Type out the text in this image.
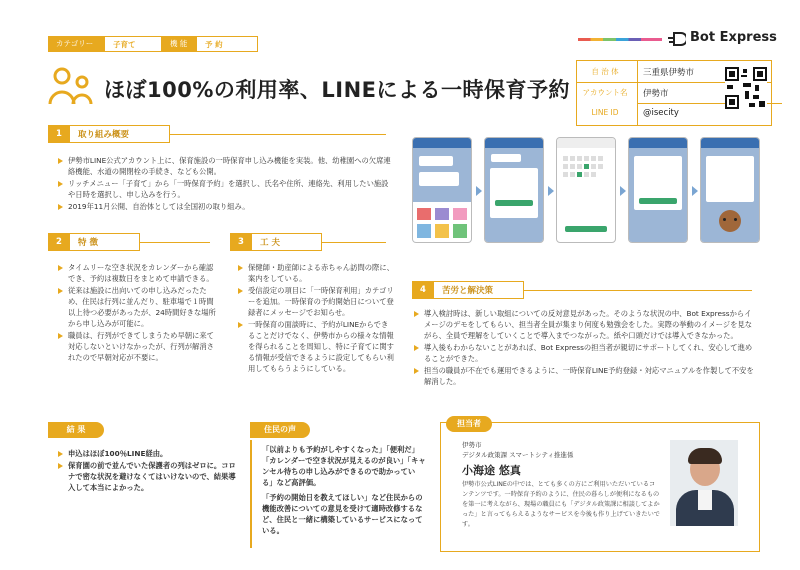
カテゴリー	子育て	機 能	予 約	Bot Express
ほぼ100%の利用率、LINEによる一時保育予約
自 治 体	三重県伊勢市
アカウント名	伊勢市
LINE ID	@isecity
1	取り組み概要
伊勢市LINE公式アカウント上に、保育施設の一時保育申し込み機能を実装。他、幼稚園への欠席連絡機能、水道の開閉栓の手続き、なども公開。
リッチメニュー「子育て」から「一時保育予約」を選択し、氏名や住所、連絡先、利用したい施設や日時を選択し、申し込みを行う。
2019年11月公開、自治体としては全国初の取り組み。
2	特 徴
タイムリーな空き状況をカレンダーから確認でき、予約は複数日をまとめて申請できる。
従来は施設に出向いての申し込みだったため、住民は行列に並んだり、駐車場で１時間以上待つ必要があったが、24時間好きな場所から申し込みが可能に。
職員は、行列ができてしまうため早朝に来て対応しないといけなかったが、行列が解消されたので早朝対応が不要に。
3	工 夫
保健師・助産師による赤ちゃん訪問の際に、案内をしている。
受信設定の項目に「一時保育利用」カテゴリーを追加。一時保育の予約開始日について登録者にメッセージでお知らせ。
一時保育の面談時に、予約がLINEからできることだけでなく、伊勢市からの様々な情報を得られることを周知し、特に子育てに関する情報が受信できるように設定してもらい利用してもらうようにしている。
4	苦労と解決策
導入検討時は、新しい取組についての反対意見があった。そのような状況の中、Bot Expressからイメージのデモをしてもらい、担当者全員が集まり何度も勉強会をした。実際の挙動のイメージを見ながら、全員で理解をしていくことで導入までつながった。紙や口頭だけでは導入できなかった。
導入後もわからないことがあれば、Bot Expressの担当者が親切にサポートしてくれ、安心して進めることができた。
担当の職員が不在でも運用できるように、一時保育LINE予約登録・対応マニュアルを作製して不安を解消した。
結 果
申込はほぼ100％LINE経由。
保育園の前で並んでいた保護者の列はゼロに。コロナで密な状況を避けなくてはいけないので、結果導入して本当によかった。
住民の声
「以前よりも予約がしやすくなった」「便利だ」「カレンダーで空き状況が見えるのが良い」「キャンセル待ちの申し込みができるので助かっている」など高評価。
「予約の開始日を教えてほしい」など住民からの機能改善についての意見を受けて適時改修するなど、住民と一緒に構築しているサービスになっている。
担当者
伊勢市
デジタル政策課 スマートシティ推進係
小海途 悠真
伊勢市公式LINEの中では、とても多くの方にご利用いただいているコンテンツです。一時保育予約のように、住民の暮らしが便利になるものを第一に考えながら、現場の職員にも「デジタル政策課に相談してよかった」と言ってもらえるようなサービスを今後も作り上げていきたいです。
